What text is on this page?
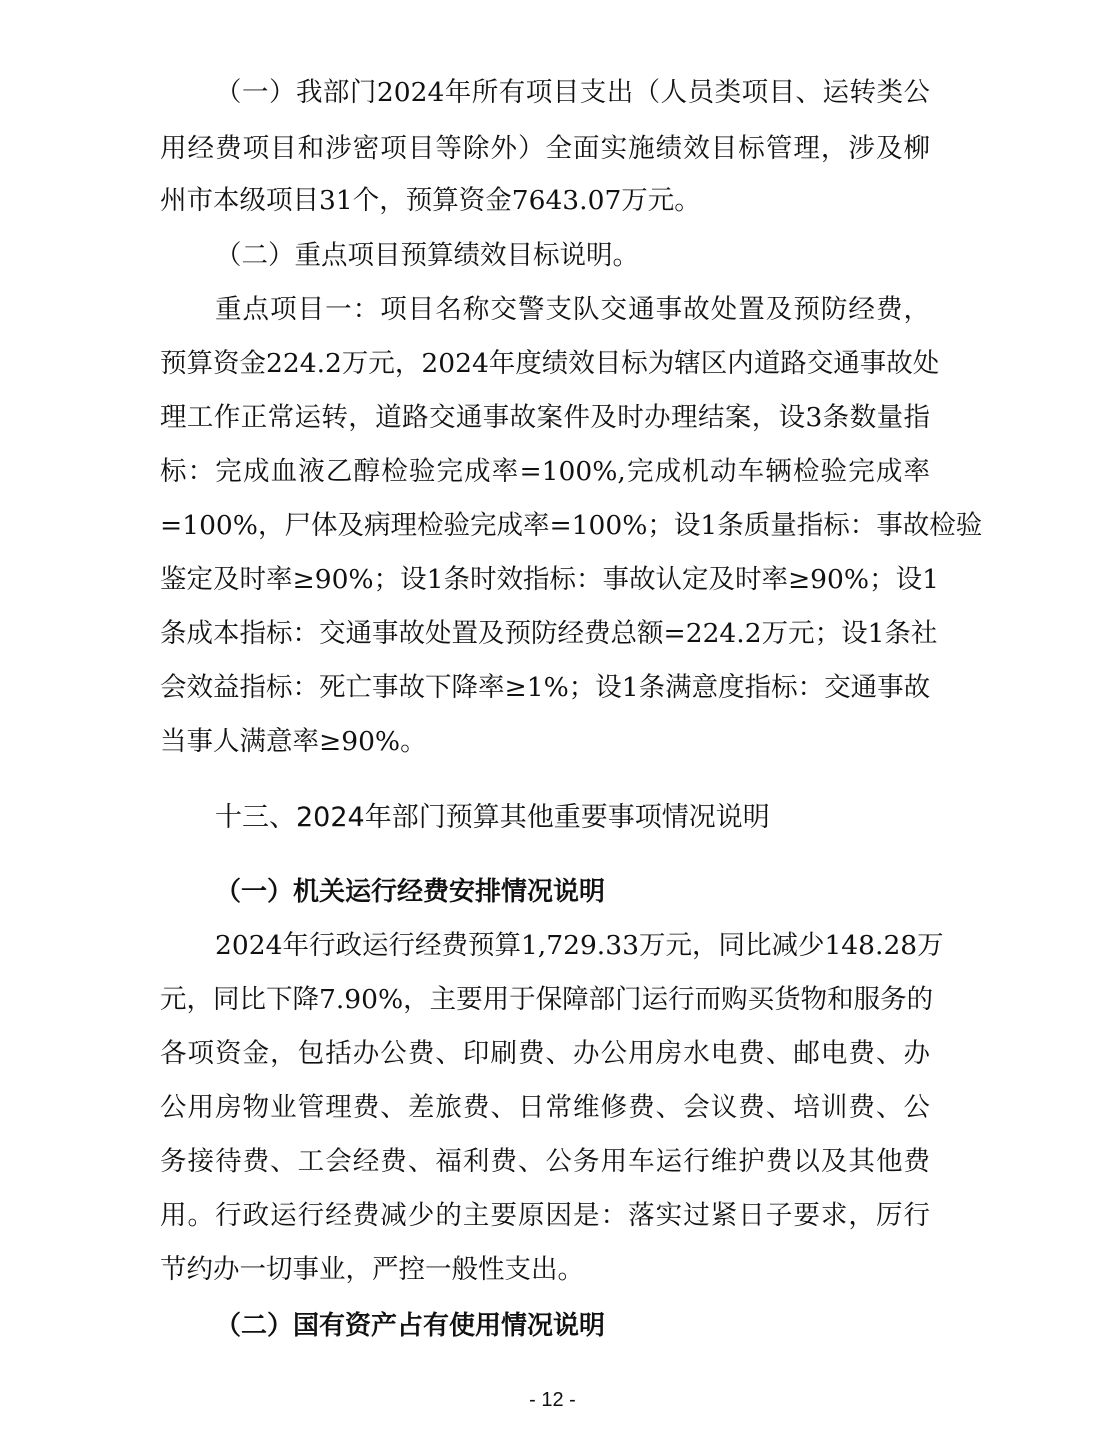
（一）我部门2024年所有项目支出（人员类项目、运转类公
用经费项目和涉密项目等除外）全面实施绩效目标管理，涉及柳
州市本级项目31个，预算资金7643.07万元。
（二）重点项目预算绩效目标说明。
重点项目一：项目名称交警支队交通事故处置及预防经费，
预算资金224.2万元，2024年度绩效目标为辖区内道路交通事故处
理工作正常运转，道路交通事故案件及时办理结案，设3条数量指
标：完成血液乙醇检验完成率=100%,完成机动车辆检验完成率
=100%，尸体及病理检验完成率=100%；设1条质量指标：事故检验
鉴定及时率≥90%；设1条时效指标：事故认定及时率≥90%；设1
条成本指标：交通事故处置及预防经费总额=224.2万元；设1条社
会效益指标：死亡事故下降率≥1%；设1条满意度指标：交通事故
当事人满意率≥90%。
十三、2024年部门预算其他重要事项情况说明
（一）机关运行经费安排情况说明
2024年行政运行经费预算1,729.33万元，同比减少148.28万
元，同比下降7.90%，主要用于保障部门运行而购买货物和服务的
各项资金，包括办公费、印刷费、办公用房水电费、邮电费、办
公用房物业管理费、差旅费、日常维修费、会议费、培训费、公
务接待费、工会经费、福利费、公务用车运行维护费以及其他费
用。行政运行经费减少的主要原因是：落实过紧日子要求，厉行
节约办一切事业，严控一般性支出。
（二）国有资产占有使用情况说明
- 12 -
